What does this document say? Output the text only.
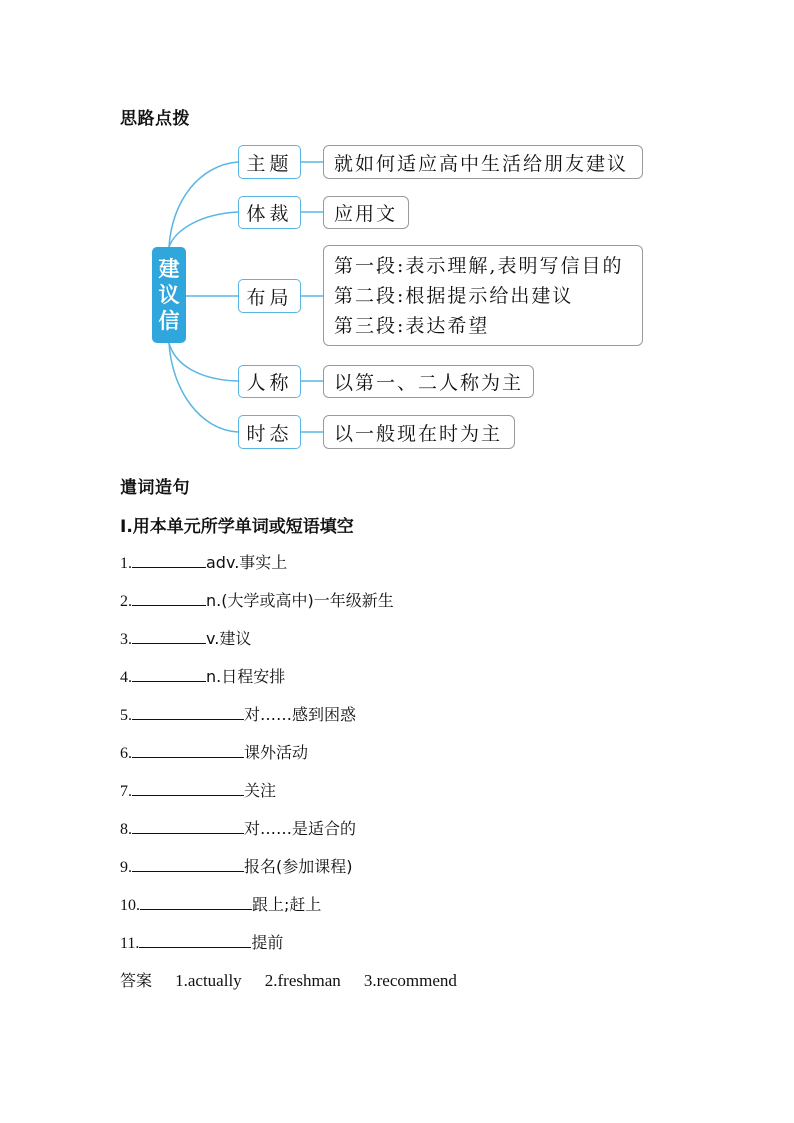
思路点拨
建
议
信
主题	就如何适应高中生活给朋友建议
体裁	应用文
布局
第一段:表示理解,表明写信目的
第二段:根据提示给出建议
第三段:表达希望
人称	以第一、二人称为主
时态	以一般现在时为主
遣词造句
Ⅰ.用本单元所学单词或短语填空
1.	adv.事实上
2.	n.(大学或高中)一年级新生
3.	v.建议
4.	n.日程安排
5.	对……感到困惑
6.	课外活动
7.	关注
8.	对……是适合的
9.	报名(参加课程)
10.	跟上;赶上
11.	提前
答案 1.actually 2.freshman 3.recommend
